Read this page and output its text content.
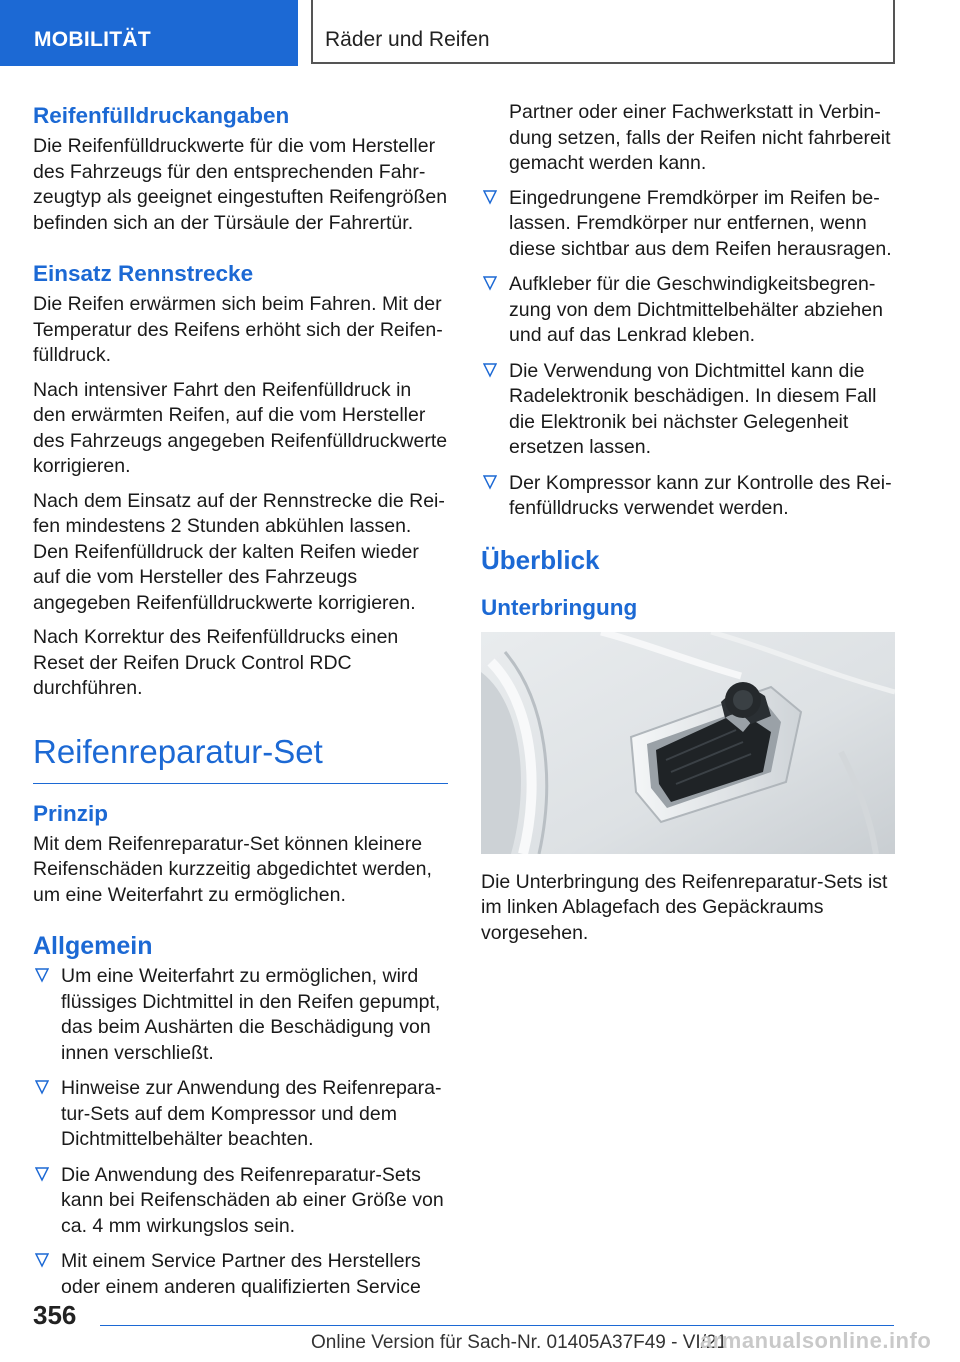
MOBILITÄT	Räder und Reifen
Reifenfülldruckangaben

Die Reifenfülldruckwerte für die vom Hersteller des Fahrzeugs für den entsprechenden Fahrzeugtyp als geeignet eingestuften Reifengrößen befinden sich an der Türsäule der Fahrertür.

Einsatz Rennstrecke

Die Reifen erwärmen sich beim Fahren. Mit der Temperatur des Reifens erhöht sich der Reifenfülldruck.

Nach intensiver Fahrt den Reifenfülldruck in den erwärmten Reifen, auf die vom Hersteller des Fahrzeugs angegeben Reifenfülldruckwerte korrigieren.

Nach dem Einsatz auf der Rennstrecke die Reifen mindestens 2 Stunden abkühlen lassen. Den Reifenfülldruck der kalten Reifen wieder auf die vom Hersteller des Fahrzeugs angegeben Reifenfülldruckwerte korrigieren.

Nach Korrektur des Reifenfülldrucks einen Reset der Reifen Druck Control RDC durchführen.

Reifenreparatur-Set
Prinzip

Mit dem Reifenreparatur-Set können kleinere Reifenschäden kurzzeitig abgedichtet werden, um eine Weiterfahrt zu ermöglichen.

Allgemein
Um eine Weiterfahrt zu ermöglichen, wird flüssiges Dichtmittel in den Reifen gepumpt, das beim Aushärten die Beschädigung von innen verschließt.
Hinweise zur Anwendung des Reifenreparatur-Sets auf dem Kompressor und dem Dichtmittelbehälter beachten.
Die Anwendung des Reifenreparatur-Sets kann bei Reifenschäden ab einer Größe von ca. 4 mm wirkungslos sein.
Mit einem Service Partner des Herstellers oder einem anderen qualifizierten Service

Partner oder einer Fachwerkstatt in Verbindung setzen, falls der Reifen nicht fahrbereit gemacht werden kann.

Eingedrungene Fremdkörper im Reifen belassen. Fremdkörper nur entfernen, wenn diese sichtbar aus dem Reifen herausragen.
Aufkleber für die Geschwindigkeitsbegrenzung von dem Dichtmittelbehälter abziehen und auf das Lenkrad kleben.
Die Verwendung von Dichtmittel kann die Radelektronik beschädigen. In diesem Fall die Elektronik bei nächster Gelegenheit ersetzen lassen.
Der Kompressor kann zur Kontrolle des Reifenfülldrucks verwendet werden.
Überblick
Unterbringung

Die Unterbringung des Reifenreparatur-Sets ist im linken Ablagefach des Gepäckraums vorgesehen.

356
Online Version für Sach-Nr. 01405A37F49 - VI/21
armanualsonline.info
